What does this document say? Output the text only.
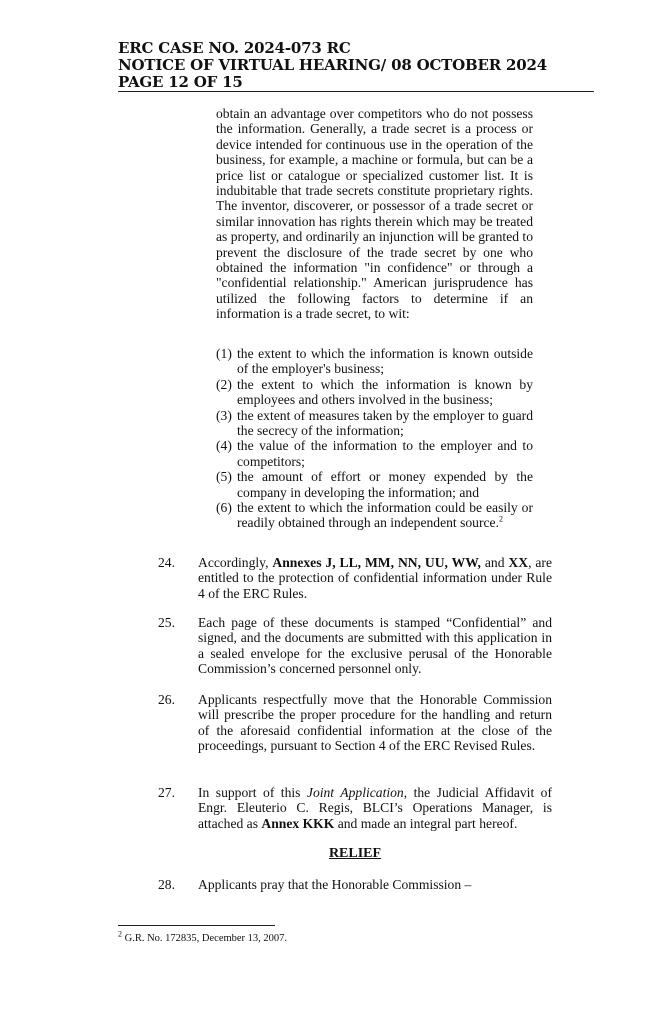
ERC CASE NO. 2024-073 RC
NOTICE OF VIRTUAL HEARING/ 08 OCTOBER 2024
PAGE 12 OF 15

obtain an advantage over competitors who do not possess the information. Generally, a trade secret is a process or device intended for continuous use in the operation of the business, for example, a machine or formula, but can be a price list or catalogue or specialized customer list. It is indubitable that trade secrets constitute proprietary rights. The inventor, discoverer, or possessor of a trade secret or similar innovation has rights therein which may be treated as property, and ordinarily an injunction will be granted to prevent the disclosure of the trade secret by one who obtained the information "in confidence" or through a "confidential relationship." American jurisprudence has utilized the following factors to determine if an information is a trade secret, to wit:

(1) the extent to which the information is known outside of the employer's business;
(2) the extent to which the information is known by employees and others involved in the business;
(3) the extent of measures taken by the employer to guard the secrecy of the information;
(4) the value of the information to the employer and to competitors;
(5) the amount of effort or money expended by the company in developing the information; and
(6) the extent to which the information could be easily or readily obtained through an independent source.$^2$
24.	Accordingly, Annexes J, LL, MM, NN, UU, WW, and XX, are entitled to the protection of confidential information under Rule 4 of the ERC Rules.
25.	Each page of these documents is stamped “Confidential” and signed, and the documents are submitted with this application in a sealed envelope for the exclusive perusal of the Honorable Commission’s concerned personnel only.
26.	Applicants respectfully move that the Honorable Commission will prescribe the proper procedure for the handling and return of the aforesaid confidential information at the close of the proceedings, pursuant to Section 4 of the ERC Revised Rules.
27.	In support of this Joint Application, the Judicial Affidavit of Engr. Eleuterio C. Regis, BLCI’s Operations Manager, is attached as Annex KKK and made an integral part hereof.
RELIEF
28.	Applicants pray that the Honorable Commission –
$^2$ G.R. No. 172835, December 13, 2007.
